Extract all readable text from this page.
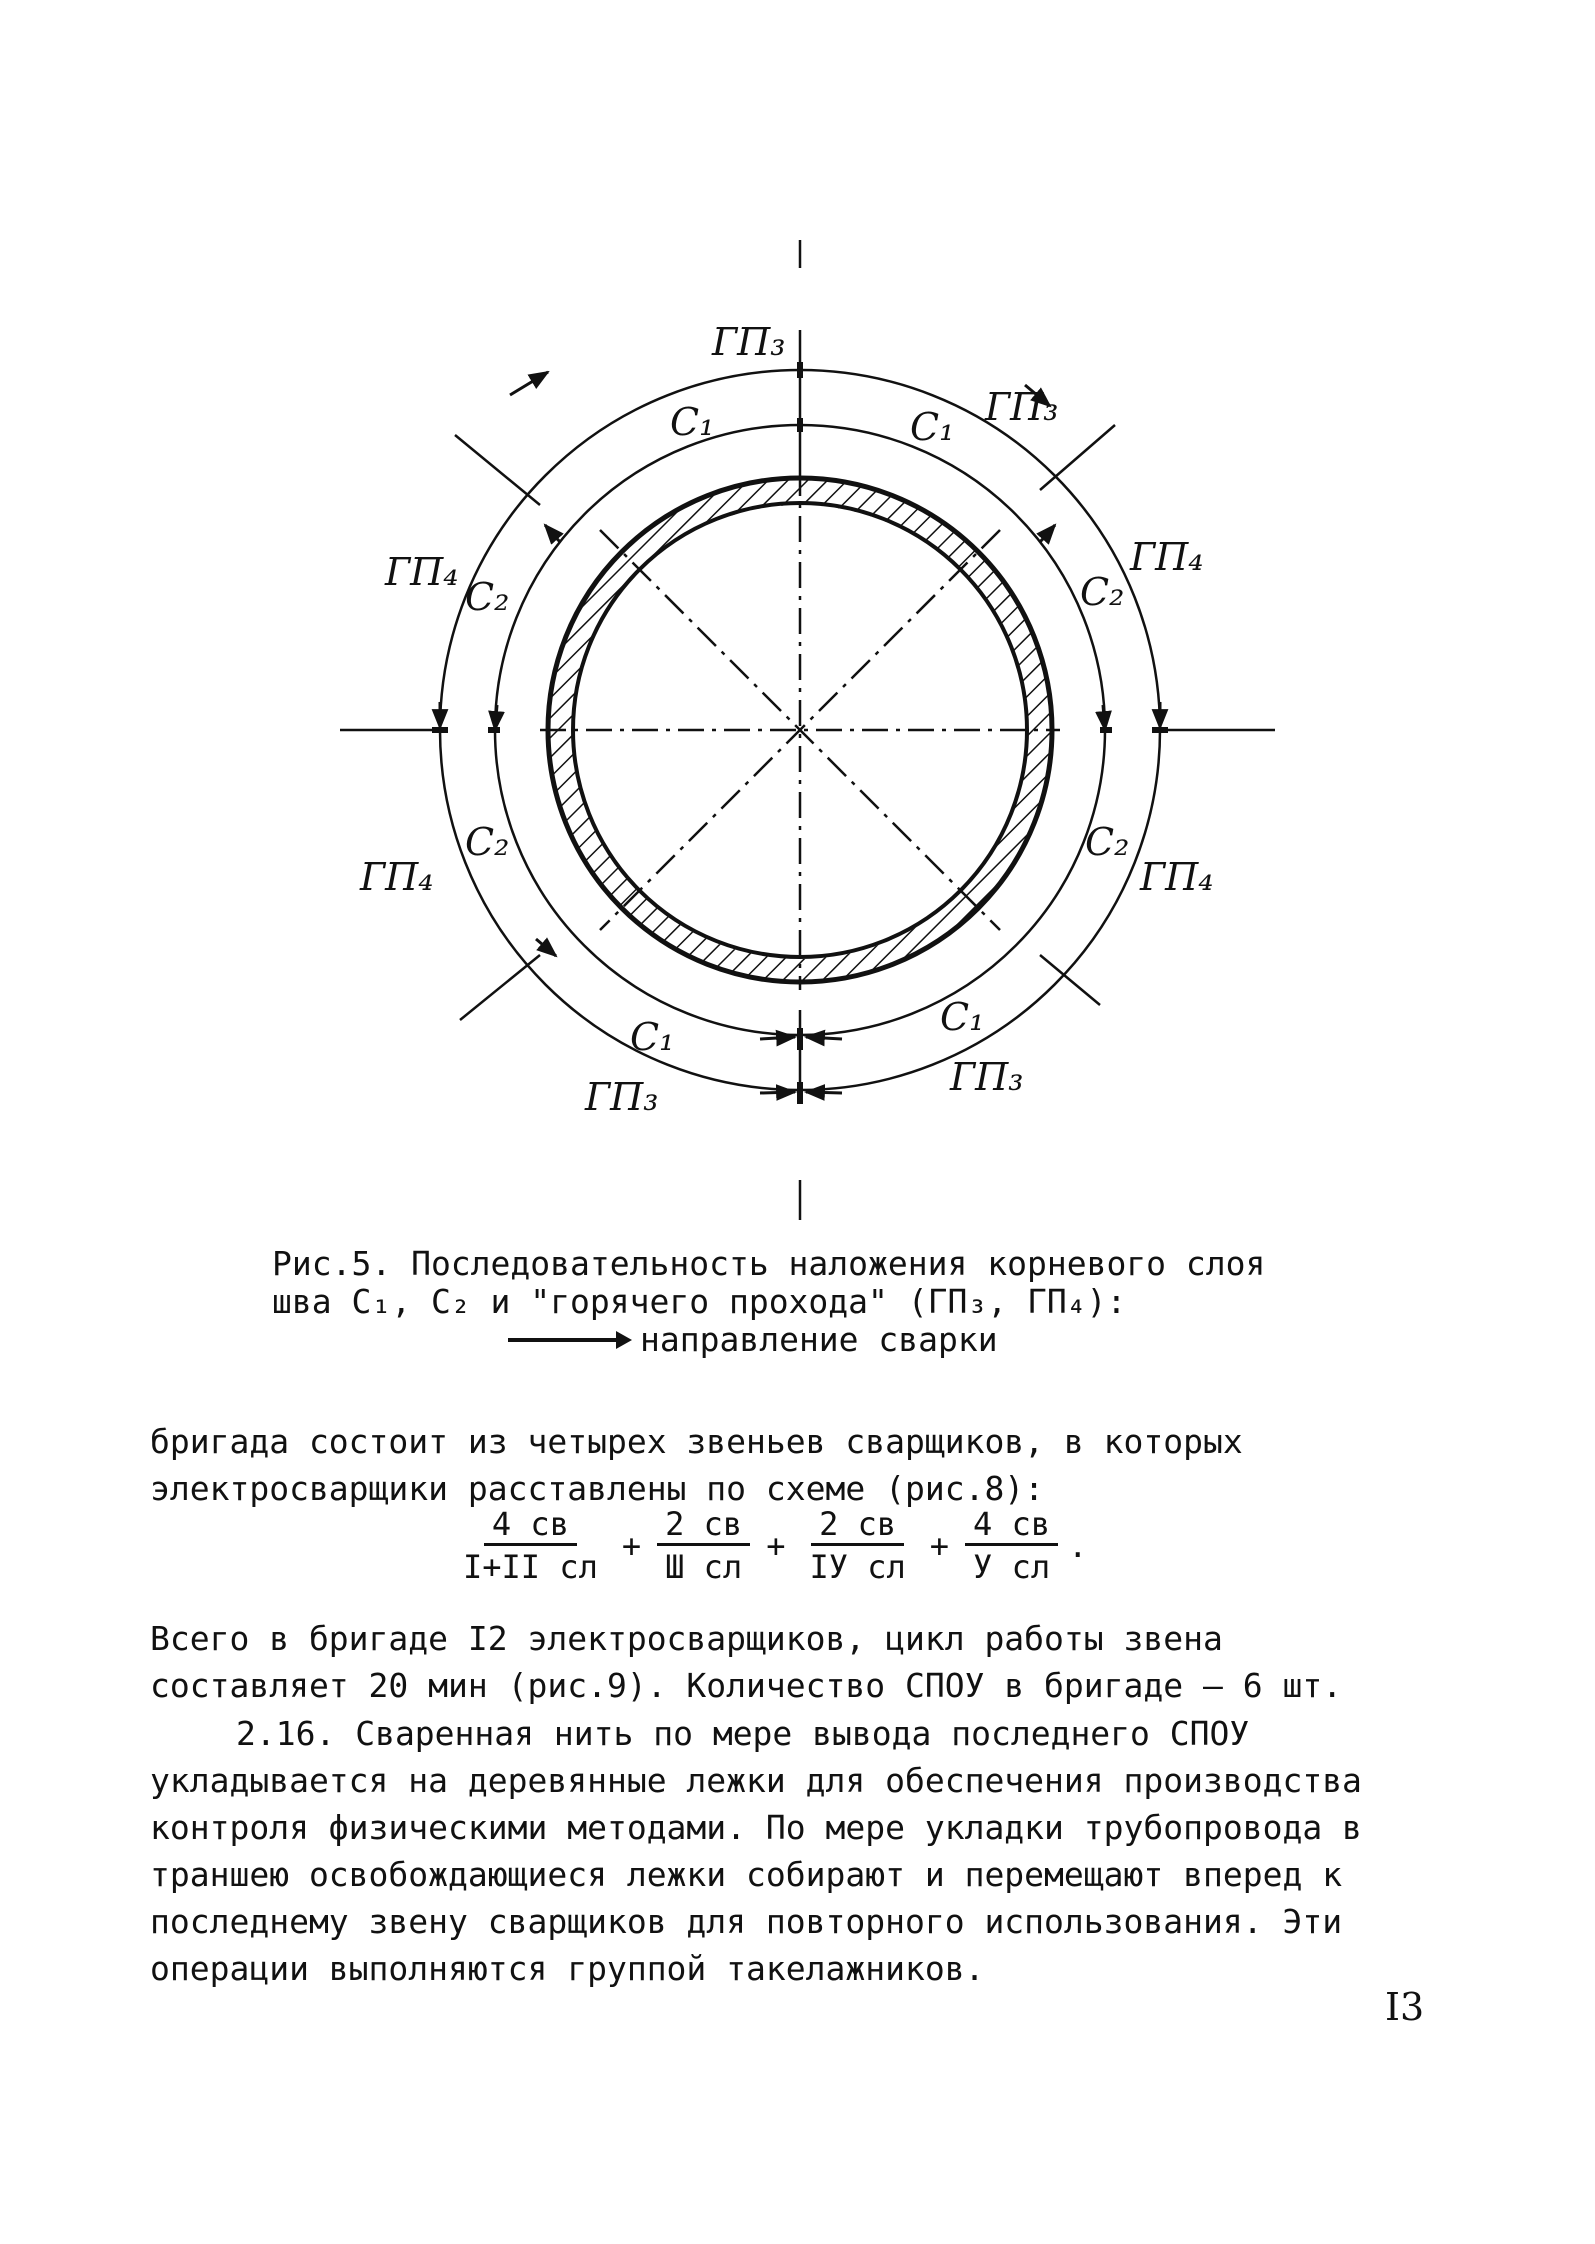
ГП₃
ГП₃
ГП₄
ГП₄
ГП₄	ГП₄
ГП₃	ГП₃
C₁	C₁
C₂	C₂
C₂	C₂
C₁	C₁
Рис.5. Последовательность наложения корневого слоя
шва C₁, C₂ и "горячего прохода" (ГП₃, ГП₄):
направление сварки
бригада состоит из четырех звеньев сварщиков, в которых электросварщики расставлены по схеме (рис.8):
$\frac{4 св}{\text{I+II сл}} + \frac{2 св}{\text{Ш сл}} + \frac{2 св}{\text{IУ сл}} + \frac{4 св}{\text{У сл}}$ .
Всего в бригаде I2 электросварщиков, цикл работы звена составляет 20 мин (рис.9). Количество СПОУ в бригаде – 6 шт.
2.16. Сваренная нить по мере вывода последнего СПОУ укладывается на деревянные лежки для обеспечения производства контроля физическими методами. По мере укладки трубопровода в траншею освобождающиеся лежки собирают и перемещают вперед к последнему звену сварщиков для повторного использования. Эти операции выполняются группой такелажников.
I3
